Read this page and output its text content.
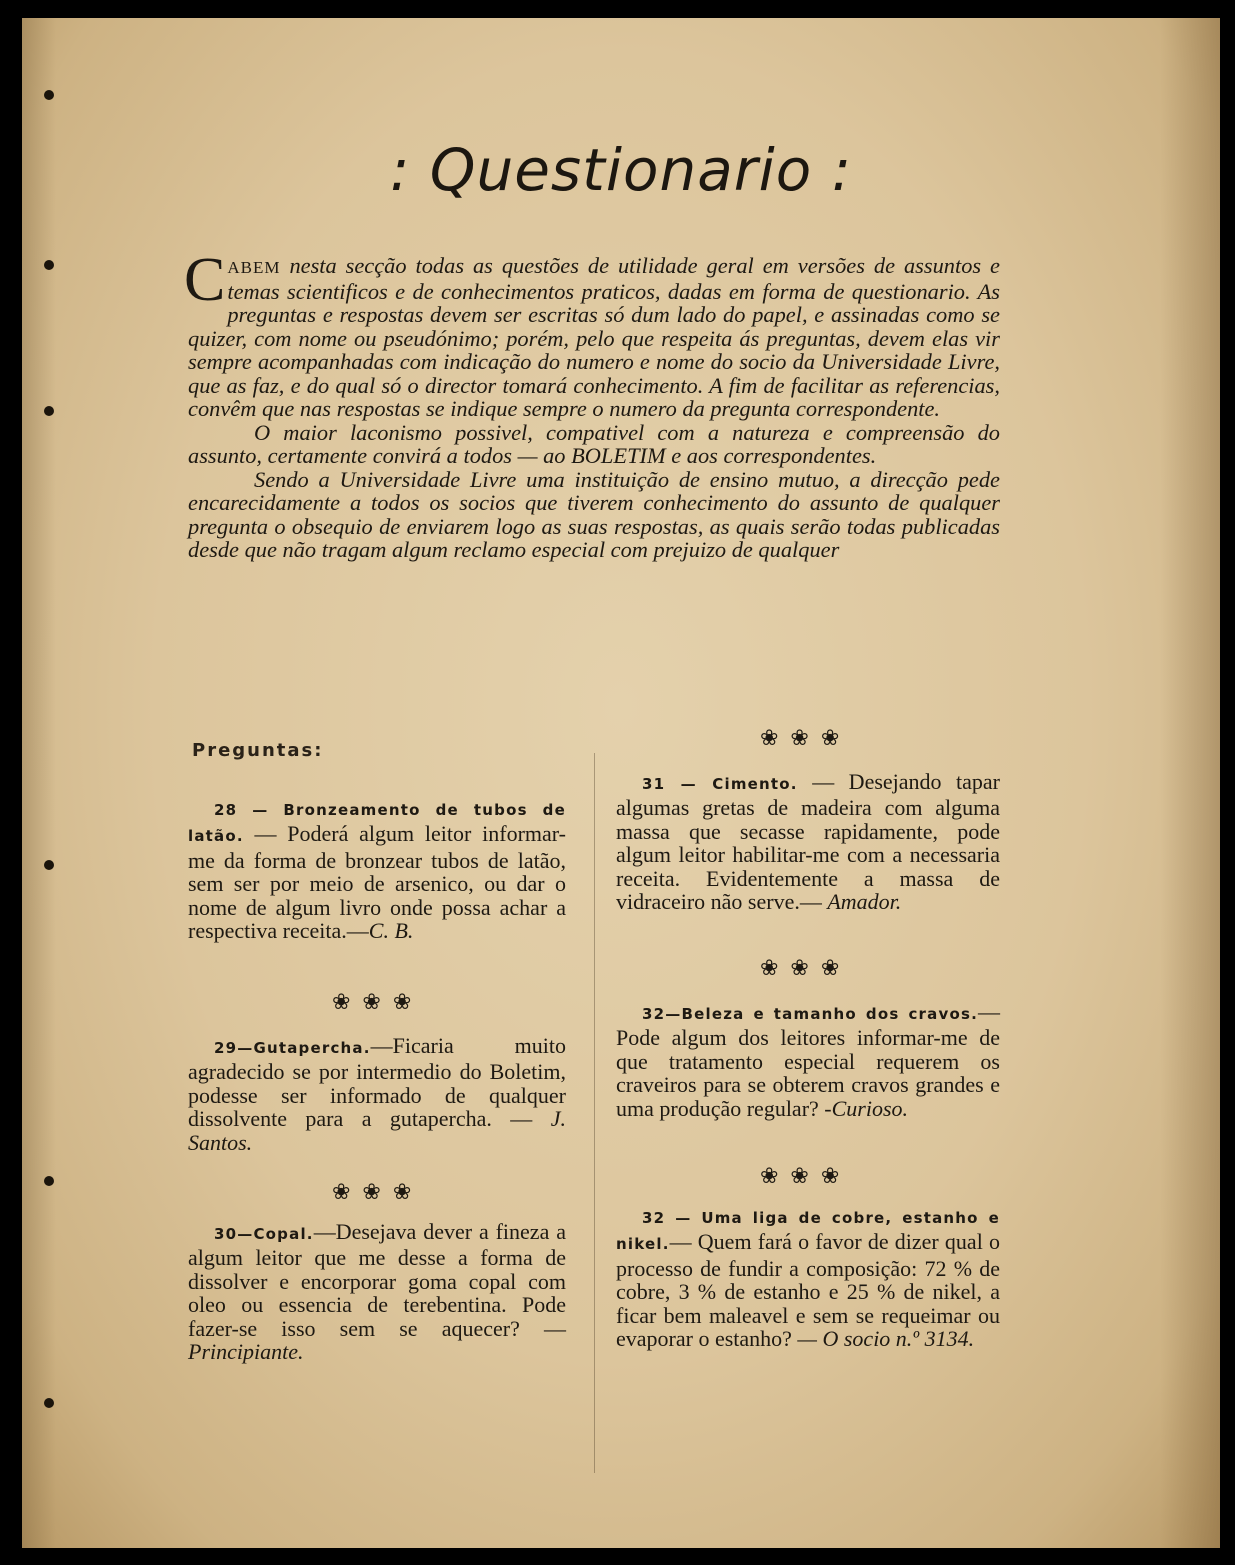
: Questionario :

CABEM nesta secção todas as questões de utilidade geral em versões de assuntos e temas scientificos e de conhecimentos praticos, dadas em forma de questionario. As preguntas e respostas devem ser escritas só dum lado do papel, e assinadas como se quizer, com nome ou pseudónimo; porém, pelo que respeita ás preguntas, devem elas vir sempre acompanhadas com indicação do numero e nome do socio da Universidade Livre, que as faz, e do qual só o director tomará conhecimento. A fim de facilitar as referencias, convêm que nas respostas se indique sempre o numero da pregunta correspondente.

O maior laconismo possivel, compativel com a natureza e compreensão do assunto, certamente convirá a todos — ao BOLETIM e aos correspondentes.

Sendo a Universidade Livre uma instituição de ensino mutuo, a direcção pede encarecidamente a todos os socios que tiverem conhecimento do assunto de qualquer pregunta o obsequio de enviarem logo as suas respostas, as quais serão todas publicadas desde que não tragam algum reclamo especial com prejuizo de qualquer

Preguntas:
28 — Bronzeamento de tubos de latão. — Poderá algum leitor informar-me da forma de bronzear tubos de latão, sem ser por meio de arsenico, ou dar o nome de algum livro onde possa achar a respectiva receita.—C. B.
❀❀❀
29—Gutapercha.—Ficaria muito agradecido se por intermedio do Boletim, podesse ser informado de qualquer dissolvente para a gutapercha. — J. Santos.
❀❀❀
30—Copal.—Desejava dever a fineza a algum leitor que me desse a forma de dissolver e encorporar goma copal com oleo ou essencia de terebentina. Pode fazer-se isso sem se aquecer? — Principiante.
❀❀❀
31 — Cimento. — Desejando tapar algumas gretas de madeira com alguma massa que secasse rapidamente, pode algum leitor habilitar-me com a necessaria receita. Evidentemente a massa de vidraceiro não serve.— Amador.
❀❀❀
32—Beleza e tamanho dos cravos.—Pode algum dos leitores informar-me de que tratamento especial requerem os craveiros para se obterem cravos grandes e uma produção regular? -Curioso.
❀❀❀
32 — Uma liga de cobre, estanho e nikel.— Quem fará o favor de dizer qual o processo de fundir a composição: 72 % de cobre, 3 % de estanho e 25 % de nikel, a ficar bem maleavel e sem se requeimar ou evaporar o estanho? — O socio n.º 3134.
